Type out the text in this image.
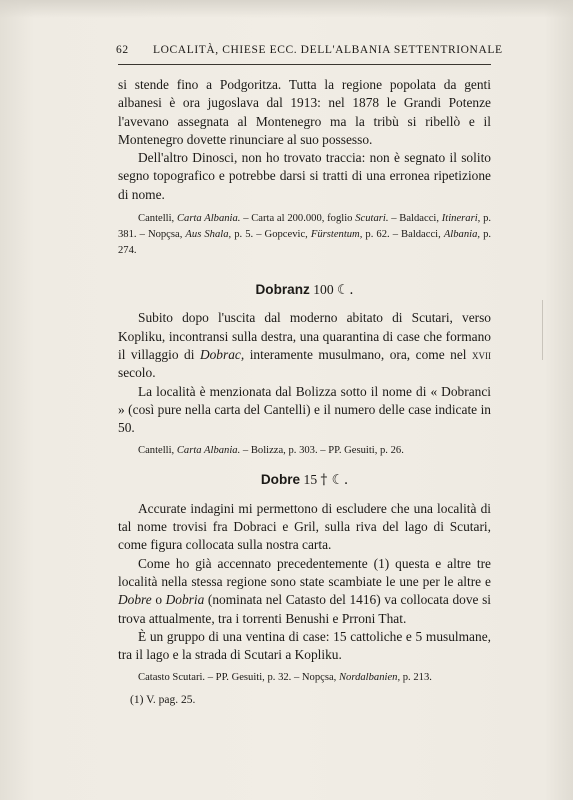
62 LOCALITÀ, CHIESE ECC. DELL'ALBANIA SETTENTRIONALE

si stende fino a Podgoritza. Tutta la regione popolata da genti albanesi è ora jugoslava dal 1913: nel 1878 le Grandi Potenze l'avevano assegnata al Montenegro ma la tribù si ribellò e il Montenegro dovette rinunciare al suo possesso.

Dell'altro Dinosci, non ho trovato traccia: non è segnato il solito segno topografico e potrebbe darsi si tratti di una erronea ripetizione di nome.

Cantelli, Carta Albania. – Carta al 200.000, foglio Scutari. – Baldacci, Itinerari, p. 381. – Nopçsa, Aus Shala, p. 5. – Gopcevic, Fürstentum, p. 62. – Baldacci, Albania, p. 274.

Dobranz 100 ☾.

Subito dopo l'uscita dal moderno abitato di Scutari, verso Kopliku, incontransi sulla destra, una quarantina di case che formano il villaggio di Dobrac, interamente musulmano, ora, come nel xvii secolo.

La località è menzionata dal Bolizza sotto il nome di « Dobranci » (così pure nella carta del Cantelli) e il numero delle case indicate in 50.

Cantelli, Carta Albania. – Bolizza, p. 303. – PP. Gesuiti, p. 26.

Dobre 15 † ☾.

Accurate indagini mi permettono di escludere che una località di tal nome trovisi fra Dobraci e Gril, sulla riva del lago di Scutari, come figura collocata sulla nostra carta.

Come ho già accennato precedentemente (1) questa e altre tre località nella stessa regione sono state scambiate le une per le altre e Dobre o Dobria (nominata nel Catasto del 1416) va collocata dove si trova attualmente, tra i torrenti Benushi e Prroni That.

È un gruppo di una ventina di case: 15 cattoliche e 5 musulmane, tra il lago e la strada di Scutari a Kopliku.

Catasto Scutari. – PP. Gesuiti, p. 32. – Nopçsa, Nordalbanien, p. 213.

(1) V. pag. 25.
